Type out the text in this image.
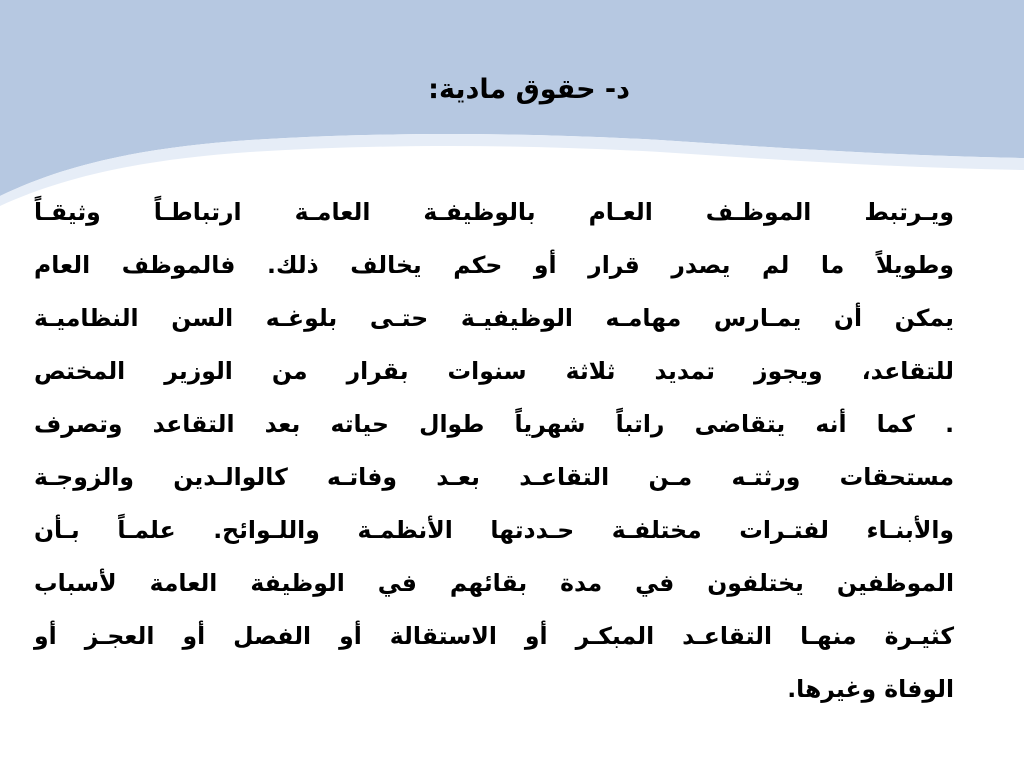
د- حقوق مادية:
ويـرتبط الموظـف العـام بالوظيفـة العامـة ارتباطـاً وثيقـاً
وطويلاً ما لم يصدر قرار أو حكم يخالف ذلك. فالموظف العام
يمكن أن يمـارس مهامـه الوظيفيـة حتـى بلوغـه السن النظاميـة
للتقاعد، ويجوز تمديد ثلاثة سنوات بقرار من الوزير المختص
. كما أنه يتقاضى راتباً شهرياً طوال حياته بعد التقاعد وتصرف
مستحقات ورثتـه مـن التقاعـد بعـد وفاتـه كالوالـدين والزوجـة
والأبنـاء لفتـرات مختلفـة حـددتها الأنظمـة واللـوائح. علمـاً بـأن
الموظفين يختلفون في مدة بقائهم في الوظيفة العامة لأسباب
كثيـرة منهـا التقاعـد المبكـر أو الاستقالة أو الفصل أو العجـز أو
الوفاة وغيرها.
